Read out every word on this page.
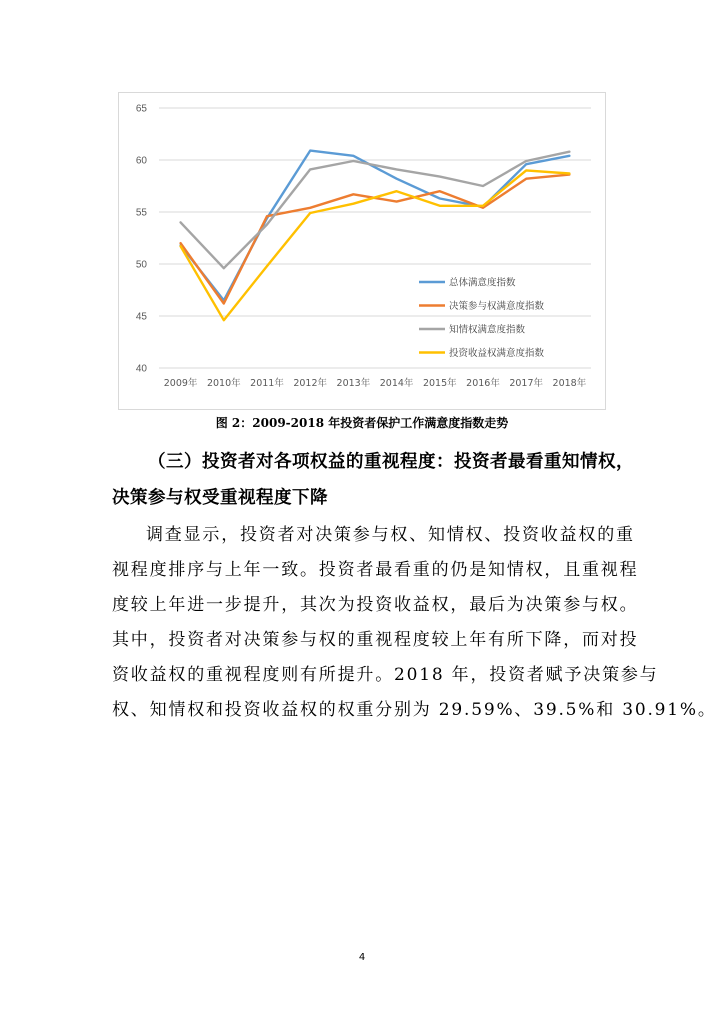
40
45
50
55
60
65
2009年 2010年 2011年 2012年 2013年 2014年 2015年 2016年 2017年 2018年
总体满意度指数
决策参与权满意度指数
知情权满意度指数
投资收益权满意度指数
图 2：2009-2018 年投资者保护工作满意度指数走势
（三）投资者对各项权益的重视程度：投资者最看重知情权，
决策参与权受重视程度下降
调查显示，投资者对决策参与权、知情权、投资收益权的重
视程度排序与上年一致。投资者最看重的仍是知情权，且重视程
度较上年进一步提升，其次为投资收益权，最后为决策参与权。
其中，投资者对决策参与权的重视程度较上年有所下降，而对投
资收益权的重视程度则有所提升。2018 年，投资者赋予决策参与
权、知情权和投资收益权的权重分别为 29.59%、39.5%和 30.91%。
4
